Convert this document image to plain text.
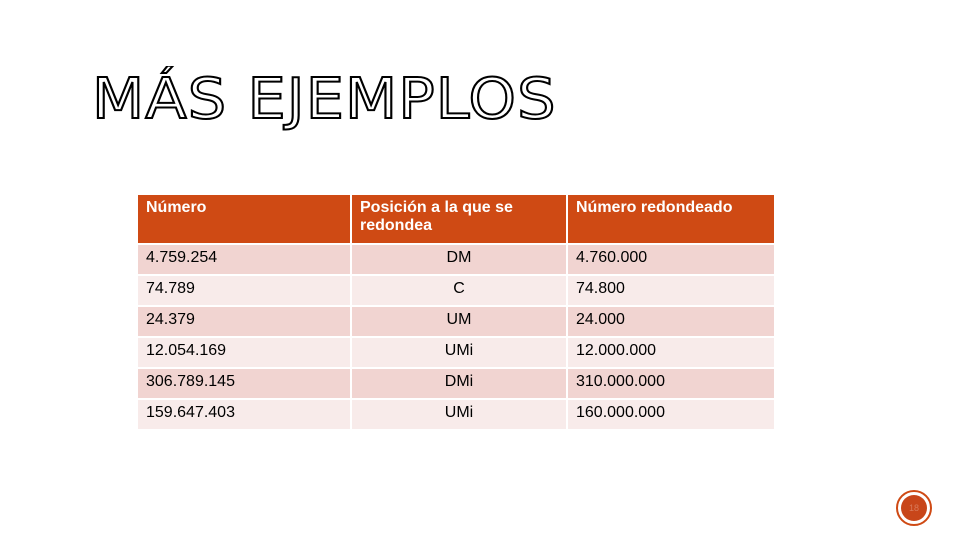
MÁS EJEMPLOS
Número	Posición a la que se redondea	Número redondeado
4.759.254	DM	4.760.000
74.789	C	74.800
24.379	UM	24.000
12.054.169	UMi	12.000.000
306.789.145	DMi	310.000.000
159.647.403	UMi	160.000.000
18
